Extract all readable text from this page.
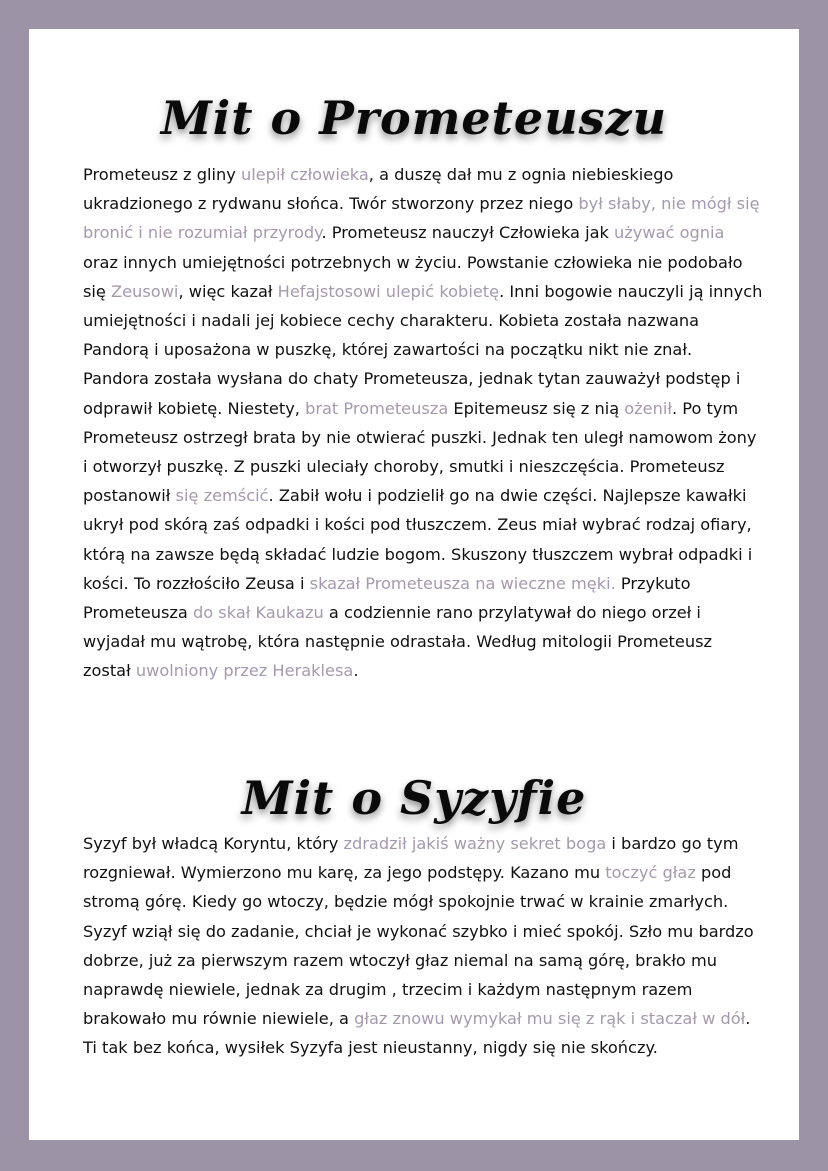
Mit o Prometeuszu

Prometeusz z gliny ulepił człowieka, a duszę dał mu z ognia niebieskiego ukradzionego z rydwanu słońca. Twór stworzony przez niego był słaby, nie mógł się bronić i nie rozumiał przyrody. Prometeusz nauczył Człowieka jak używać ognia oraz innych umiejętności potrzebnych w życiu. Powstanie człowieka nie podobało się Zeusowi, więc kazał Hefajstosowi ulepić kobietę. Inni bogowie nauczyli ją innych umiejętności i nadali jej kobiece cechy charakteru. Kobieta została nazwana Pandorą i uposażona w puszkę, której zawartości na początku nikt nie znał. Pandora została wysłana do chaty Prometeusza, jednak tytan zauważył podstęp i odprawił kobietę. Niestety, brat Prometeusza Epitemeusz się z nią ożenił. Po tym Prometeusz ostrzegł brata by nie otwierać puszki. Jednak ten uległ namowom żony i otworzył puszkę. Z puszki uleciały choroby, smutki i nieszczęścia. Prometeusz postanowił się zemścić. Zabił wołu i podzielił go na dwie części. Najlepsze kawałki ukrył pod skórą zaś odpadki i kości pod tłuszczem. Zeus miał wybrać rodzaj ofiary, którą na zawsze będą składać ludzie bogom. Skuszony tłuszczem wybrał odpadki i kości. To rozzłościło Zeusa i skazał Prometeusza na wieczne męki. Przykuto Prometeusza do skał Kaukazu a codziennie rano przylatywał do niego orzeł i wyjadał mu wątrobę, która następnie odrastała. Według mitologii Prometeusz został uwolniony przez Heraklesa.

Mit o Syzyfie

Syzyf był władcą Koryntu, który zdradził jakiś ważny sekret boga i bardzo go tym rozgniewał. Wymierzono mu karę, za jego podstępy. Kazano mu toczyć głaz pod stromą górę. Kiedy go wtoczy, będzie mógł spokojnie trwać w krainie zmarłych. Syzyf wziął się do zadanie, chciał je wykonać szybko i mieć spokój. Szło mu bardzo dobrze, już za pierwszym razem wtoczył głaz niemal na samą górę, brakło mu naprawdę niewiele, jednak za drugim , trzecim i każdym następnym razem brakowało mu równie niewiele, a głaz znowu wymykał mu się z rąk i staczał w dół. Ti tak bez końca, wysiłek Syzyfa jest nieustanny, nigdy się nie skończy.
